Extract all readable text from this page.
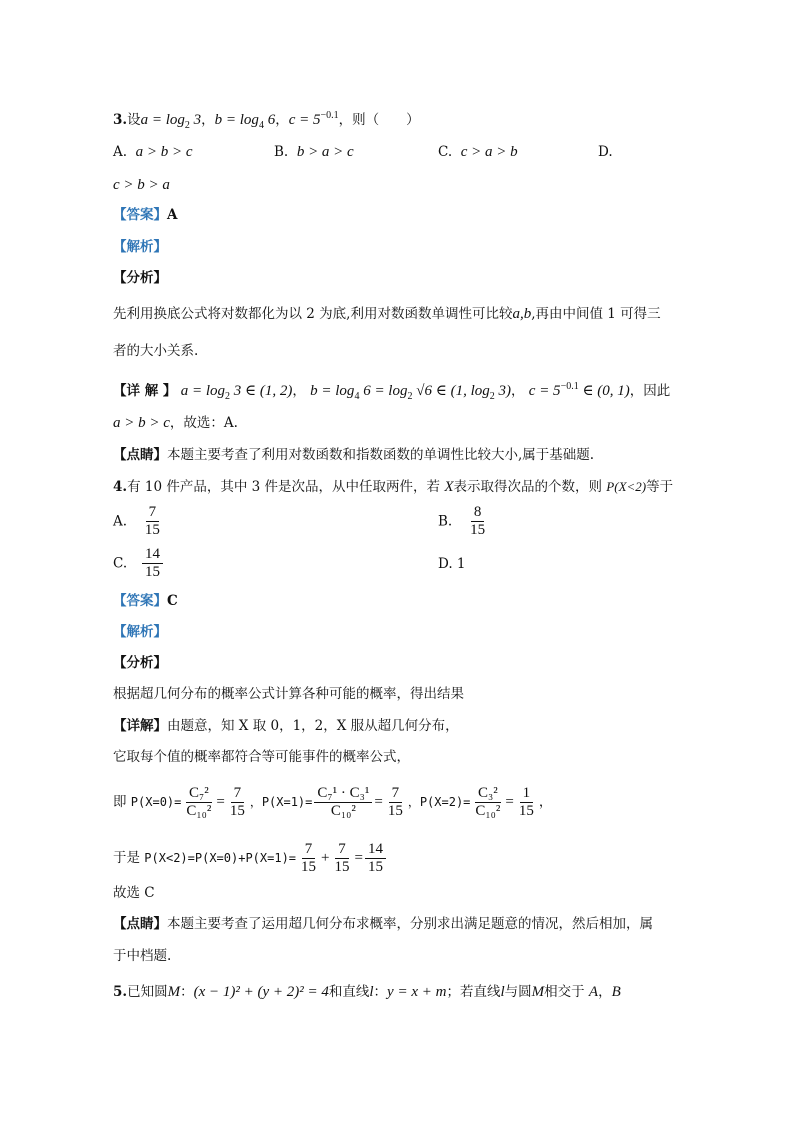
3.设$a = \log_2 3$，$b = \log_4 6$，$c = 5^{-0.1}$，则（　　）
A. a > b > c	B. b > a > c	C. c > a > b	D.
c > b > a
【答案】A
【解析】
【分析】
先利用换底公式将对数都化为以 2 为底,利用对数函数单调性可比较a,b,再由中间值 1 可得三
者的大小关系.
【详 解 】 $a = \log_2 3$ ∈ (1, 2)， $b = \log_4 6 = \log_2 √6$ ∈ (1, $\log_2 3$)， $c = 5^{-0.1}$ ∈ (0, 1)，因此
a > b > c，故选：A.
【点睛】本题主要考查了利用对数函数和指数函数的单调性比较大小,属于基础题.
4.有 10 件产品，其中 3 件是次品，从中任取两件，若 X表示取得次品的个数，则 P(X<2)等于
A. $\frac{7}{15}$	B. $\frac{8}{15}$
C. $\frac{14}{15}$	D. 1
【答案】C
【解析】
【分析】
根据超几何分布的概率公式计算各种可能的概率，得出结果
【详解】由题意，知 X 取 0，1，2，X 服从超几何分布，
它取每个值的概率都符合等可能事件的概率公式，
即 $P(X=0)= \frac{\text{C₇²}}{\text{C₁₀²}} = \frac{7}{15}$ ，$P(X=1)= \frac{\text{C₇¹ · C₃¹}}{\text{C₁₀²}} = \frac{7}{15}$ ，$P(X=2)= \frac{\text{C₃²}}{\text{C₁₀²}} = \frac{1}{15}$ ，
于是 $P(X<2)=P(X=0)+P(X=1)= \frac{7}{15} + \frac{7}{15} = \frac{14}{15}$
故选 C
【点睛】本题主要考查了运用超几何分布求概率，分别求出满足题意的情况，然后相加，属
于中档题.
5.已知圆M：(x − 1)² + (y + 2)² = 4和直线l：y = x + m；若直线l与圆M相交于 A，B
